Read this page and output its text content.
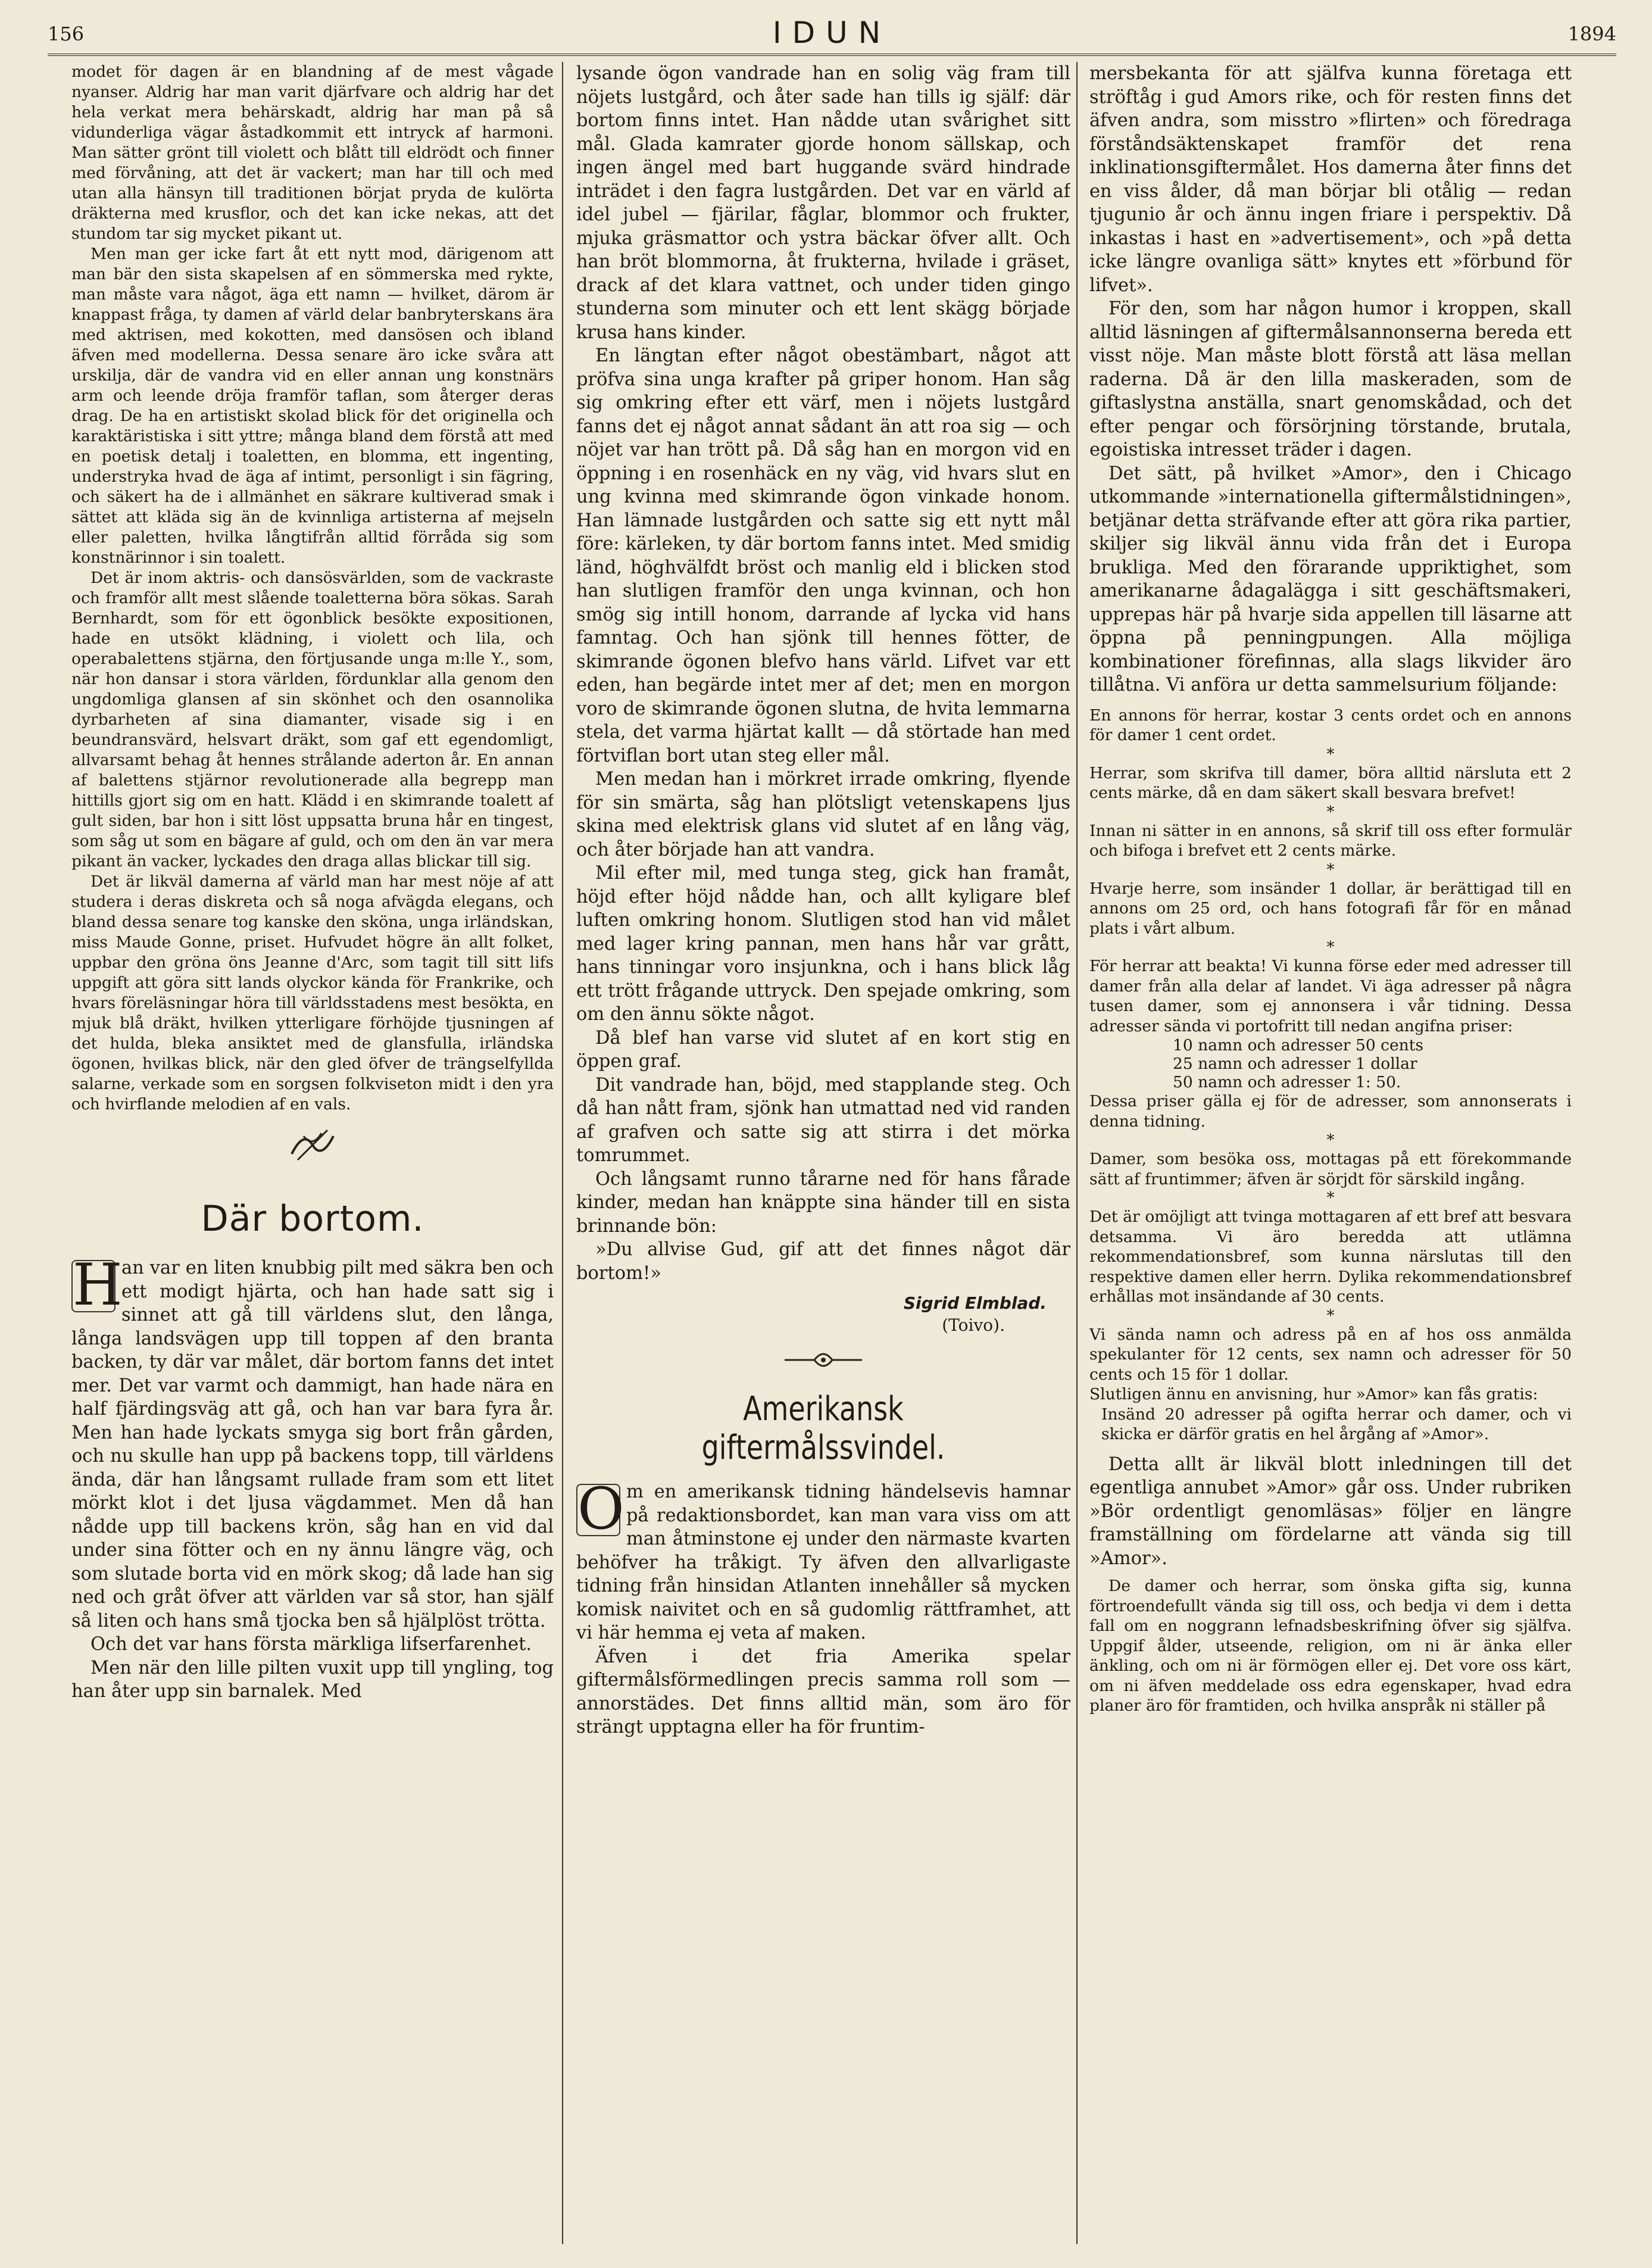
156	IDUN	1894

modet för dagen är en blandning af de mest vågade nyanser. Aldrig har man varit djärfvare och aldrig har det hela verkat mera behärskadt, aldrig har man på så vidunderliga vägar åstadkommit ett intryck af harmoni. Man sätter grönt till violett och blått till eldrödt och finner med förvåning, att det är vackert; man har till och med utan alla hänsyn till traditionen börjat pryda de kulörta dräkterna med krusflor, och det kan icke nekas, att det stundom tar sig mycket pikant ut.

Men man ger icke fart åt ett nytt mod, därigenom att man bär den sista skapelsen af en sömmerska med rykte, man måste vara något, äga ett namn — hvilket, därom är knappast fråga, ty damen af värld delar banbryterskans ära med aktrisen, med kokotten, med dansösen och ibland äfven med modellerna. Dessa senare äro icke svåra att urskilja, där de vandra vid en eller annan ung konstnärs arm och leende dröja framför taflan, som återger deras drag. De ha en artistiskt skolad blick för det originella och karaktäristiska i sitt yttre; många bland dem förstå att med en poetisk detalj i toaletten, en blomma, ett ingenting, understryka hvad de äga af intimt, personligt i sin fägring, och säkert ha de i allmänhet en säkrare kultiverad smak i sättet att kläda sig än de kvinnliga artisterna af mejseln eller paletten, hvilka långtifrån alltid förråda sig som konstnärinnor i sin toalett.

Det är inom aktris- och dansösvärlden, som de vackraste och framför allt mest slående toaletterna böra sökas. Sarah Bernhardt, som för ett ögonblick besökte expositionen, hade en utsökt klädning, i violett och lila, och operabalettens stjärna, den förtjusande unga m:lle Y., som, när hon dansar i stora världen, fördunklar alla genom den ungdomliga glansen af sin skönhet och den osannolika dyrbarheten af sina diamanter, visade sig i en beundransvärd, helsvart dräkt, som gaf ett egendomligt, allvarsamt behag åt hennes strålande aderton år. En annan af balettens stjärnor revolutionerade alla begrepp man hittills gjort sig om en hatt. Klädd i en skimrande toalett af gult siden, bar hon i sitt löst uppsatta bruna hår en tingest, som såg ut som en bägare af guld, och om den än var mera pikant än vacker, lyckades den draga allas blickar till sig.

Det är likväl damerna af värld man har mest nöje af att studera i deras diskreta och så noga afvägda elegans, och bland dessa senare tog kanske den sköna, unga irländskan, miss Maude Gonne, priset. Hufvudet högre än allt folket, uppbar den gröna öns Jeanne d'Arc, som tagit till sitt lifs uppgift att göra sitt lands olyckor kända för Frankrike, och hvars föreläsningar höra till världsstadens mest besökta, en mjuk blå dräkt, hvilken ytterligare förhöjde tjusningen af det hulda, bleka ansiktet med de glansfulla, irländska ögonen, hvilkas blick, när den gled öfver de trängselfyllda salarne, verkade som en sorgsen folkviseton midt i den yra och hvirflande melodien af en vals.

Där bortom.
H

an var en liten knubbig pilt med säkra ben och ett modigt hjärta, och han hade satt sig i sinnet att gå till världens slut, den långa, långa landsvägen upp till toppen af den branta backen, ty där var målet, där bortom fanns det intet mer. Det var varmt och dammigt, han hade nära en half fjärdingsväg att gå, och han var bara fyra år. Men han hade lyckats smyga sig bort från gården, och nu skulle han upp på backens topp, till världens ända, där han långsamt rullade fram som ett litet mörkt klot i det ljusa vägdammet. Men då han nådde upp till backens krön, såg han en vid dal under sina fötter och en ny ännu längre väg, och som slutade borta vid en mörk skog; då lade han sig ned och gråt öfver att världen var så stor, han själf så liten och hans små tjockа ben så hjälplöst trötta.

Och det var hans första märkliga lifserfarenhet.

Men när den lille pilten vuxit upp till yngling, tog han åter upp sin barnalek. Med

lysande ögon vandrade han en solig väg fram till nöjets lustgård, och åter sade han tills ig själf: där bortom finns intet. Han nådde utan svårighet sitt mål. Glada kamrater gjorde honom sällskap, och ingen ängel med bart huggande svärd hindrade inträdet i den fagra lustgården. Det var en värld af idel jubel — fjärilar, fåglar, blommor och frukter, mjuka gräsmattor och ystra bäckar öfver allt. Och han bröt blommorna, åt frukterna, hvilade i gräset, drack af det klara vattnet, och under tiden gingo stunderna som minuter och ett lent skägg började krusa hans kinder.

En längtan efter något obestämbart, något att pröfva sina unga krafter på griper honom. Han såg sig omkring efter ett värf, men i nöjets lustgård fanns det ej något annat sådant än att roa sig — och nöjet var han trött på. Då såg han en morgon vid en öppning i en rosenhäck en ny väg, vid hvars slut en ung kvinna med skimrande ögon vinkade honom. Han lämnade lustgården och satte sig ett nytt mål före: kärleken, ty där bortom fanns intet. Med smidig länd, höghvälfdt bröst och manlig eld i blicken stod han slutligen framför den unga kvinnan, och hon smög sig intill honom, darrande af lycka vid hans famntag. Och han sjönk till hennes fötter, de skimrande ögonen blefvo hans värld. Lifvet var ett eden, han begärde intet mer af det; men en morgon voro de skimrande ögonen slutna, de hvita lemmarna stela, det varma hjärtat kallt — då störtade han med förtviflan bort utan steg eller mål.

Men medan han i mörkret irrade omkring, flyende för sin smärta, såg han plötsligt vetenskapens ljus skina med elektrisk glans vid slutet af en lång väg, och åter började han att vandra.

Mil efter mil, med tunga steg, gick han framåt, höjd efter höjd nådde han, och allt kyligare blef luften omkring honom. Slutligen stod han vid målet med lager kring pannan, men hans hår var grått, hans tinningar voro insjunkna, och i hans blick låg ett trött frågande uttryck. Den spejade omkring, som om den ännu sökte något.

Då blef han varse vid slutet af en kort stig en öppen graf.

Dit vandrade han, böjd, med stapplande steg. Och då han nått fram, sjönk han utmattad ned vid randen af grafven och satte sig att stirra i det mörka tomrummet.

Och långsamt runno tårarne ned för hans fårade kinder, medan han knäppte sina händer till en sista brinnande bön:

»Du allvise Gud, gif att det finnes något där bortom!»

Sigrid Elmblad.
(Toivo).
Amerikansk giftermålssvindel.
O m en amerikansk tidning händelsevis hamnar på redaktionsbordet, kan man vara viss om att man åtminstone ej under den närmaste kvarten behöfver ha tråkigt. Ty äfven den allvarligaste tidning från hinsidan Atlanten innehåller så mycken komisk naivitet och en så gudomlig rättframhet, att vi här hemma ej veta af maken.

Äfven i det fria Amerika spelar giftermålsförmedlingen precis samma roll som — annorstädes. Det finns alltid män, som äro för strängt upptagna eller ha för fruntim-

mersbekanta för att själfva kunna företaga ett ströftåg i gud Amors rike, och för resten finns det äfven andra, som misstro »flirten» och föredraga förståndsäktenskapet framför det rena inklinationsgiftermålet. Hos damerna åter finns det en viss ålder, då man börjar bli otålig — redan tjugunio år och ännu ingen friare i perspektiv. Då inkastas i hast en »advertisement», och »på detta icke längre ovanliga sätt» knytes ett »förbund för lifvet».

För den, som har någon humor i kroppen, skall alltid läsningen af giftermålsannonserna bereda ett visst nöje. Man måste blott förstå att läsa mellan raderna. Då är den lilla maskeraden, som de giftaslystna anställa, snart genomskådad, och det efter pengar och försörjning törstande, brutala, egoistiska intresset träder i dagen.

Det sätt, på hvilket »Amor», den i Chicago utkommande »internationella giftermålstidningen», betjänar detta sträfvande efter att göra rika partier, skiljer sig likväl ännu vida från det i Europa brukliga. Med den förarande uppriktighet, som amerikanarne ådagalägga i sitt geschäftsmakeri, upprepas här på hvarje sida appellen till läsarne att öppna på penningpungen. Alla möjliga kombinationer förefinnas, alla slags likvider äro tillåtna. Vi anföra ur detta sammelsurium följande:

En annons för herrar, kostar 3 cents ordet och en annons för damer 1 cent ordet.

*

Herrar, som skrifva till damer, böra alltid närsluta ett 2 cents märke, då en dam säkert skall besvara brefvet!

*

Innan ni sätter in en annons, så skrif till oss efter formulär och bifoga i brefvet ett 2 cents märke.

*

Hvarje herre, som insänder 1 dollar, är berättigad till en annons om 25 ord, och hans fotografi får för en månad plats i vårt album.

*

För herrar att beakta! Vi kunna förse eder med adresser till damer från alla delar af landet. Vi äga adresser på några tusen damer, som ej annonsera i vår tidning. Dessa adresser sända vi portofritt till nedan angifna priser:

10 namn och adresser 50 cents
25 namn och adresser 1 dollar
50 namn och adresser 1: 50.

Dessa priser gälla ej för de adresser, som annonserats i denna tidning.

*

Damer, som besöka oss, mottagas på ett förekommande sätt af fruntimmer; äfven är sörjdt för särskild ingång.

*

Det är omöjligt att tvinga mottagaren af ett bref att besvara detsamma. Vi äro beredda att utlämna rekommendationsbref, som kunna närslutas till den respektive damen eller herrn. Dylika rekommendationsbref erhållas mot insändande af 30 cents.

*

Vi sända namn och adress på en af hos oss anmälda spekulanter för 12 cents, sex namn och adresser för 50 cents och 15 för 1 dollar.

Slutligen ännu en anvisning, hur »Amor» kan fås gratis:

Insänd 20 adresser på ogifta herrar och damer, och vi skicka er därför gratis en hel årgång af »Amor».

Detta allt är likväl blott inledningen till det egentliga annubet »Amor» går oss. Under rubriken »Bör ordentligt genomläsas» följer en längre framställning om fördelarne att vända sig till »Amor».

De damer och herrar, som önska gifta sig, kunna förtroendefullt vända sig till oss, och bedja vi dem i detta fall om en noggrann lefnadsbeskrifning öfver sig själfva. Uppgif ålder, utseende, religion, om ni är änka eller änkling, och om ni är förmögen eller ej. Det vore oss kärt, om ni äfven meddelade oss edra egenskaper, hvad edra planer äro för framtiden, och hvilka anspråk ni ställer på
